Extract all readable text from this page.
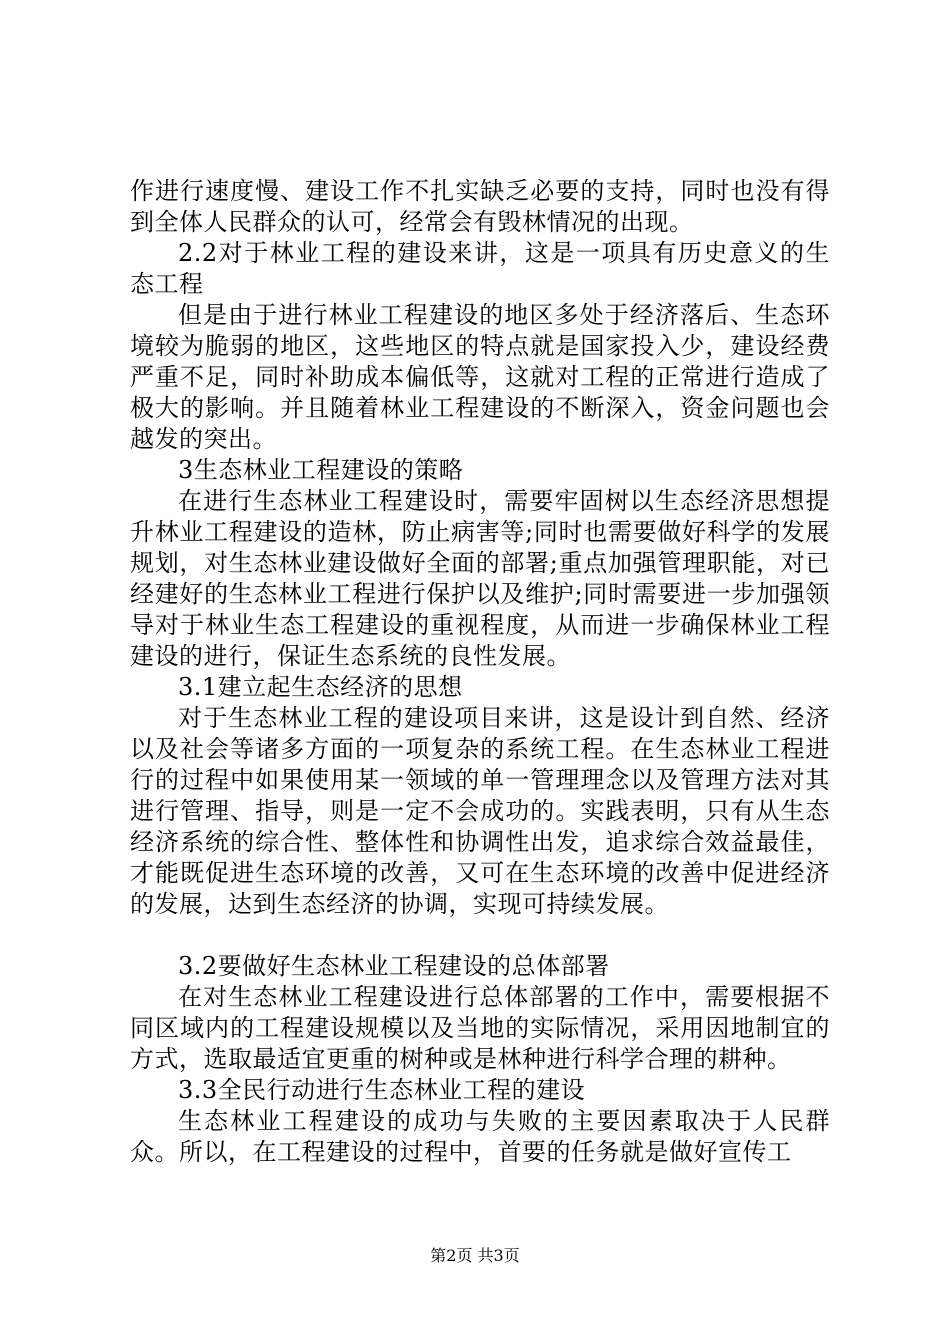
作进行速度慢、建设工作不扎实缺乏必要的支持，同时也没有得到全体人民群众的认可，经常会有毁林情况的出现。

2.2对于林业工程的建设来讲，这是一项具有历史意义的生态工程

但是由于进行林业工程建设的地区多处于经济落后、生态环境较为脆弱的地区，这些地区的特点就是国家投入少，建设经费严重不足，同时补助成本偏低等，这就对工程的正常进行造成了极大的影响。并且随着林业工程建设的不断深入，资金问题也会越发的突出。

3生态林业工程建设的策略

在进行生态林业工程建设时，需要牢固树以生态经济思想提升林业工程建设的造林，防止病害等;同时也需要做好科学的发展规划，对生态林业建设做好全面的部署;重点加强管理职能，对已经建好的生态林业工程进行保护以及维护;同时需要进一步加强领导对于林业生态工程建设的重视程度，从而进一步确保林业工程建设的进行，保证生态系统的良性发展。

3.1建立起生态经济的思想

对于生态林业工程的建设项目来讲，这是设计到自然、经济以及社会等诸多方面的一项复杂的系统工程。在生态林业工程进行的过程中如果使用某一领域的单一管理理念以及管理方法对其进行管理、指导，则是一定不会成功的。实践表明，只有从生态经济系统的综合性、整体性和协调性出发，追求综合效益最佳，才能既促进生态环境的改善，又可在生态环境的改善中促进经济的发展，达到生态经济的协调，实现可持续发展。

3.2要做好生态林业工程建设的总体部署

在对生态林业工程建设进行总体部署的工作中，需要根据不同区域内的工程建设规模以及当地的实际情况，采用因地制宜的方式，选取最适宜更重的树种或是林种进行科学合理的耕种。

3.3全民行动进行生态林业工程的建设

生态林业工程建设的成功与失败的主要因素取决于人民群众。所以，在工程建设的过程中，首要的任务就是做好宣传工

第2页 共3页
